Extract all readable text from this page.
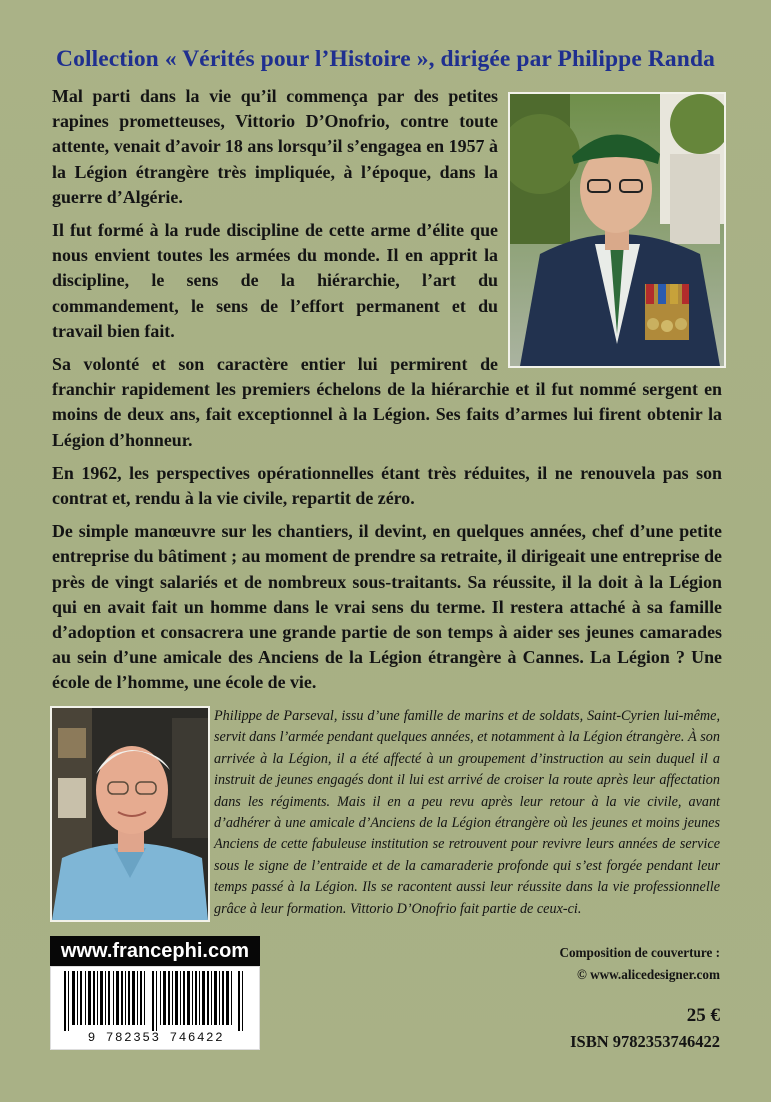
Collection « Vérités pour l’Histoire », dirigée par Philippe Randa

Mal parti dans la vie qu’il commença par des petites rapines prometteuses, Vittorio D’Onofrio, contre toute attente, venait d’avoir 18 ans lorsqu’il s’engagea en 1957 à la Légion étrangère très impliquée, à l’époque, dans la guerre d’Algérie.

Il fut formé à la rude discipline de cette arme d’élite que nous envient toutes les armées du monde. Il en apprit la discipline, le sens de la hiérarchie, l’art du commandement, le sens de l’effort permanent et du travail bien fait.

Sa volonté et son caractère entier lui permirent de franchir rapidement les premiers échelons de la hiérarchie et il fut nommé sergent en moins de deux ans, fait exceptionnel à la Légion. Ses faits d’armes lui firent obtenir la Légion d’honneur.

En 1962, les perspectives opérationnelles étant très réduites, il ne renouvela pas son contrat et, rendu à la vie civile, repartit de zéro.

De simple manœuvre sur les chantiers, il devint, en quelques années, chef d’une petite entreprise du bâtiment ; au moment de prendre sa retraite, il dirigeait une entreprise de près de vingt salariés et de nombreux sous-traitants. Sa réussite, il la doit à la Légion qui en avait fait un homme dans le vrai sens du terme. Il restera attaché à sa famille d’adoption et consacrera une grande partie de son temps à aider ses jeunes camarades au sein d’une amicale des Anciens de la Légion étrangère à Cannes. La Légion ? Une école de l’homme, une école de vie.

Philippe de Parseval, issu d’une famille de marins et de soldats, Saint-Cyrien lui-même, servit dans l’armée pendant quelques années, et notamment à la Légion étrangère. À son arrivée à la Légion, il a été affecté à un groupement d’instruction au sein duquel il a instruit de jeunes engagés dont il lui est arrivé de croiser la route après leur affectation dans les régiments. Mais il en a peu revu après leur retour à la vie civile, avant d’adhérer à une amicale d’Anciens de la Légion étrangère où les jeunes et moins jeunes Anciens de cette fabuleuse institution se retrouvent pour revivre leurs années de service sous le signe de l’entraide et de la camaraderie profonde qui s’est forgée pendant leur temps passé à la Légion. Ils se racontent aussi leur réussite dans la vie professionnelle grâce à leur formation. Vittorio D’Onofrio fait partie de ceux-ci.
www.francephi.com
9 782353 746422
Composition de couverture :
© www.alicedesigner.com
25 €
ISBN 9782353746422
